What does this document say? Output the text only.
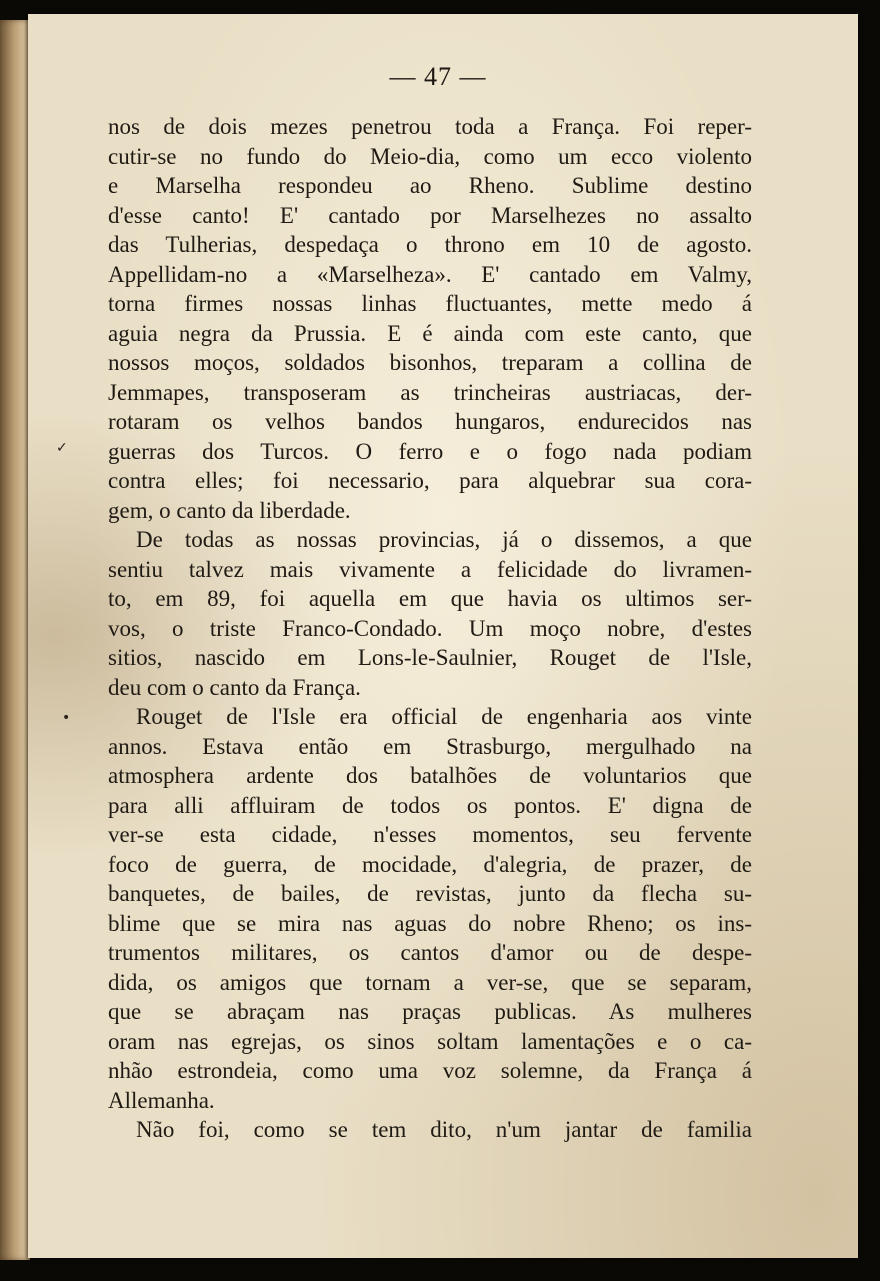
— 47 —
nos de dois mezes penetrou toda a França. Foi reper-
cutir-se no fundo do Meio-dia, como um ecco violento
e Marselha respondeu ao Rheno. Sublime destino
d'esse canto! E' cantado por Marselhezes no assalto
das Tulherias, despedaça o throno em 10 de agosto.
Appellidam-no a «Marselheza». E' cantado em Valmy,
torna firmes nossas linhas fluctuantes, mette medo á
aguia negra da Prussia. E é ainda com este canto, que
nossos moços, soldados bisonhos, treparam a collina de
Jemmapes, transposeram as trincheiras austriacas, der-
rotaram os velhos bandos hungaros, endurecidos nas
guerras dos Turcos. O ferro e o fogo nada podiam
contra elles; foi necessario, para alquebrar sua cora-
gem, o canto da liberdade.
De todas as nossas provincias, já o dissemos, a que
sentiu talvez mais vivamente a felicidade do livramen-
to, em 89, foi aquella em que havia os ultimos ser-
vos, o triste Franco-Condado. Um moço nobre, d'estes
sitios, nascido em Lons-le-Saulnier, Rouget de l'Isle,
deu com o canto da França.
Rouget de l'Isle era official de engenharia aos vinte
annos. Estava então em Strasburgo, mergulhado na
atmosphera ardente dos batalhões de voluntarios que
para alli affluiram de todos os pontos. E' digna de
ver-se esta cidade, n'esses momentos, seu fervente
foco de guerra, de mocidade, d'alegria, de prazer, de
banquetes, de bailes, de revistas, junto da flecha su-
blime que se mira nas aguas do nobre Rheno; os ins-
trumentos militares, os cantos d'amor ou de despe-
dida, os amigos que tornam a ver-se, que se separam,
que se abraçam nas praças publicas. As mulheres
oram nas egrejas, os sinos soltam lamentações e o ca-
nhão estrondeia, como uma voz solemne, da França á
Allemanha.
Não foi, como se tem dito, n'um jantar de familia
✓
•
